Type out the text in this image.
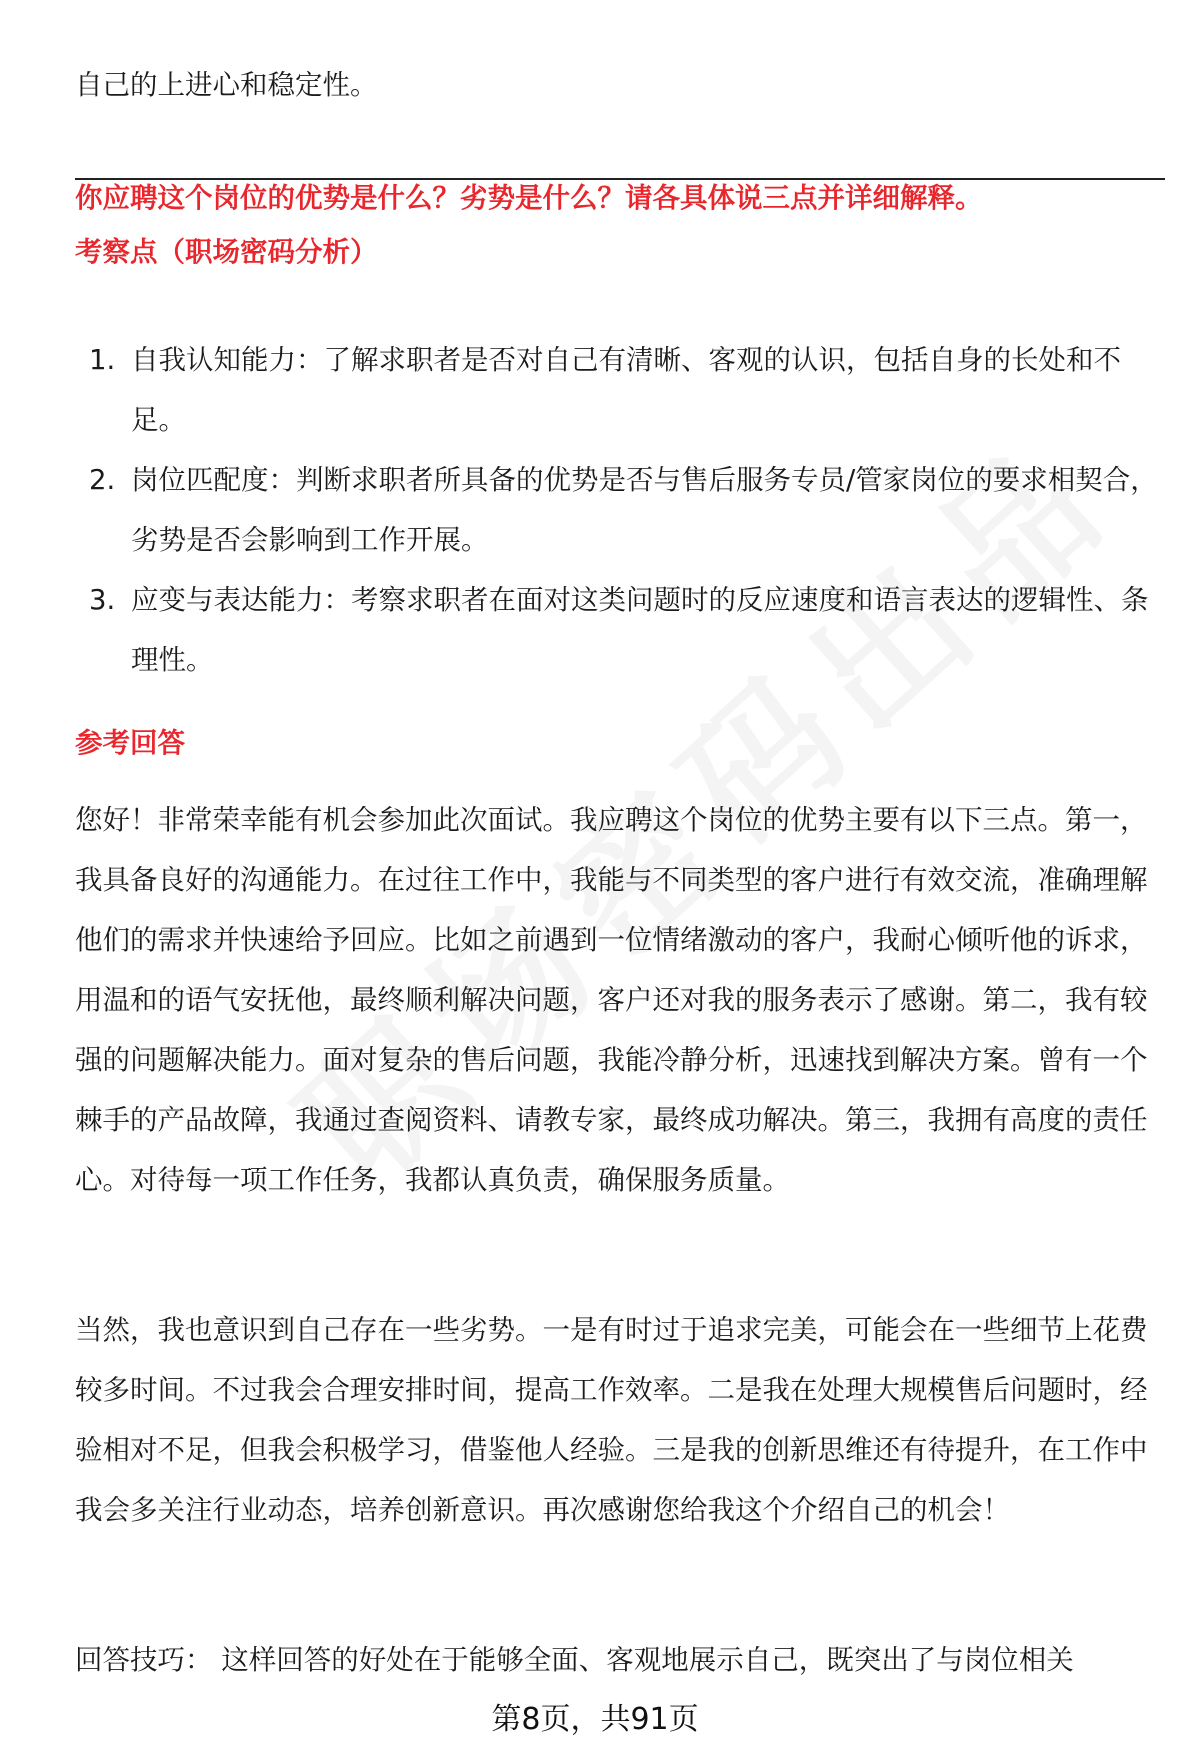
自己的上进心和稳定性。

你应聘这个岗位的优势是什么？劣势是什么？请各具体说三点并详细解释。

考察点（职场密码分析）

1. 自我认知能力：了解求职者是否对自己有清晰、客观的认识，包括自身的长处和不足。
2. 岗位匹配度：判断求职者所具备的优势是否与售后服务专员/管家岗位的要求相契合，劣势是否会影响到工作开展。
3. 应变与表达能力：考察求职者在面对这类问题时的反应速度和语言表达的逻辑性、条理性。

参考回答

您好！非常荣幸能有机会参加此次面试。我应聘这个岗位的优势主要有以下三点。第一，我具备良好的沟通能力。在过往工作中，我能与不同类型的客户进行有效交流，准确理解他们的需求并快速给予回应。比如之前遇到一位情绪激动的客户，我耐心倾听他的诉求，用温和的语气安抚他，最终顺利解决问题，客户还对我的服务表示了感谢。第二，我有较强的问题解决能力。面对复杂的售后问题，我能冷静分析，迅速找到解决方案。曾有一个棘手的产品故障，我通过查阅资料、请教专家，最终成功解决。第三，我拥有高度的责任心。对待每一项工作任务，我都认真负责，确保服务质量。

当然，我也意识到自己存在一些劣势。一是有时过于追求完美，可能会在一些细节上花费较多时间。不过我会合理安排时间，提高工作效率。二是我在处理大规模售后问题时，经验相对不足，但我会积极学习，借鉴他人经验。三是我的创新思维还有待提升，在工作中我会多关注行业动态，培养创新意识。再次感谢您给我这个介绍自己的机会！

回答技巧： 这样回答的好处在于能够全面、客观地展示自己，既突出了与岗位相关

第8页，共91页
